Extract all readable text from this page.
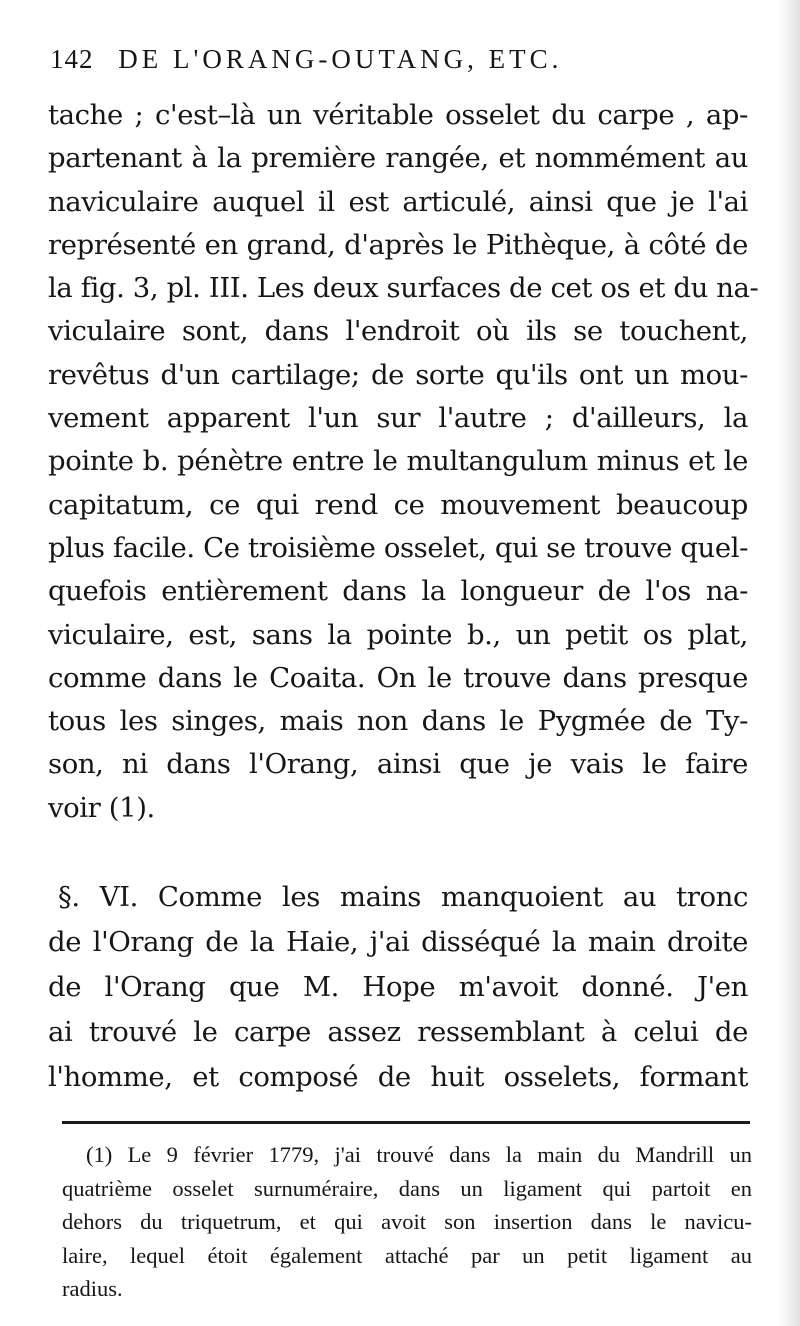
142 DE L'ORANG-OUTANG, ETC.
tache ; c'est–là un véritable osselet du carpe , ap-
partenant à la première rangée, et nommément au
naviculaire auquel il est articulé, ainsi que je l'ai
représenté en grand, d'après le Pithèque, à côté de
la fig. 3, pl. III. Les deux surfaces de cet os et du na-
viculaire sont, dans l'endroit où ils se touchent,
revêtus d'un cartilage; de sorte qu'ils ont un mou-
vement apparent l'un sur l'autre ; d'ailleurs, la
pointe b. pénètre entre le multangulum minus et le
capitatum, ce qui rend ce mouvement beaucoup
plus facile. Ce troisième osselet, qui se trouve quel-
quefois entièrement dans la longueur de l'os na-
viculaire, est, sans la pointe b., un petit os plat,
comme dans le Coaita. On le trouve dans presque
tous les singes, mais non dans le Pygmée de Ty-
son, ni dans l'Orang, ainsi que je vais le faire
voir (1).
§. VI. Comme les mains manquoient au tronc
de l'Orang de la Haie, j'ai disséqué la main droite
de l'Orang que M. Hope m'avoit donné. J'en
ai trouvé le carpe assez ressemblant à celui de
l'homme, et composé de huit osselets, formant
(1) Le 9 février 1779, j'ai trouvé dans la main du Mandrill un
quatrième osselet surnuméraire, dans un ligament qui partoit en
dehors du triquetrum, et qui avoit son insertion dans le navicu-
laire, lequel étoit également attaché par un petit ligament au
radius.
